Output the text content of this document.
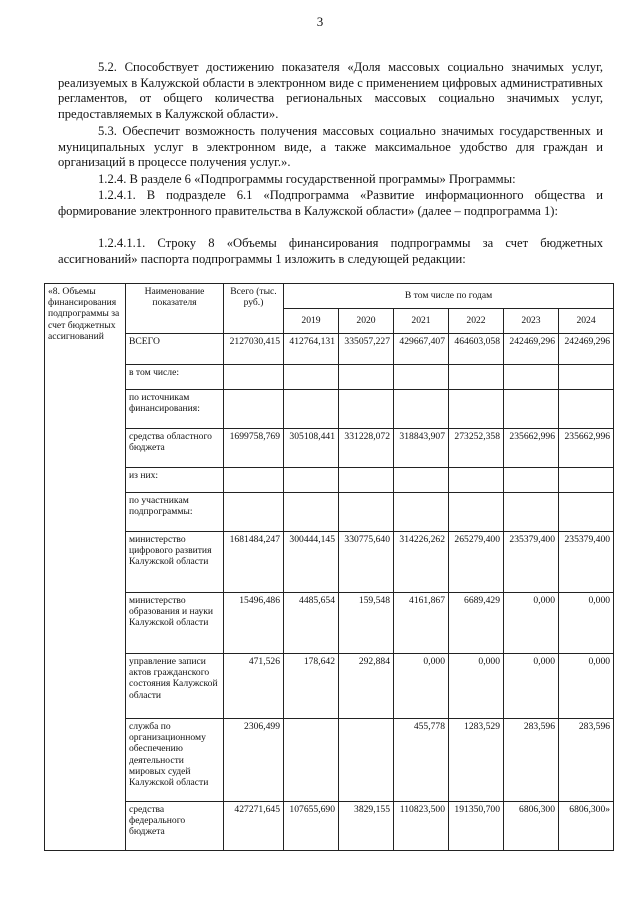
3

5.2. Способствует достижению показателя «Доля массовых социально значимых услуг, реализуемых в Калужской области в электронном виде с применением цифровых административных регламентов, от общего количества региональных массовых социально значимых услуг, предоставляемых в Калужской области».

5.3. Обеспечит возможность получения массовых социально значимых государственных и муниципальных услуг в электронном виде, а также максимальное удобство для граждан и организаций в процессе получения услуг.».

1.2.4. В разделе 6 «Подпрограммы государственной программы» Программы:

1.2.4.1. В подразделе 6.1 «Подпрограмма «Развитие информационного общества и формирование электронного правительства в Калужской области» (далее – подпрограмма 1):

1.2.4.1.1. Строку 8 «Объемы финансирования подпрограммы за счет бюджетных ассигнований» паспорта подпрограммы 1 изложить в следующей редакции:

«8. Объемы финансирования подпрограммы за счет бюджетных ассигнований	Наименование показателя	Всего (тыс. руб.)	В том числе по годам					
			2019	2020	2021	2022	2023	2024
	ВСЕГО	2127030,415	412764,131	335057,227	429667,407	464603,058	242469,296	242469,296
	в том числе:							
	по источникам финансирования:							
	средства областного бюджета	1699758,769	305108,441	331228,072	318843,907	273252,358	235662,996	235662,996
	из них:							
	по участникам подпрограммы:							
	министерство цифрового развития Калужской области	1681484,247	300444,145	330775,640	314226,262	265279,400	235379,400	235379,400
	министерство образования и науки Калужской области	15496,486	4485,654	159,548	4161,867	6689,429	0,000	0,000
	управление записи актов гражданского состояния Калужской области	471,526	178,642	292,884	0,000	0,000	0,000	0,000
	служба по организационному обеспечению деятельности мировых судей Калужской области	2306,499			455,778	1283,529	283,596	283,596
	средства федерального бюджета	427271,645	107655,690	3829,155	110823,500	191350,700	6806,300	6806,300»
